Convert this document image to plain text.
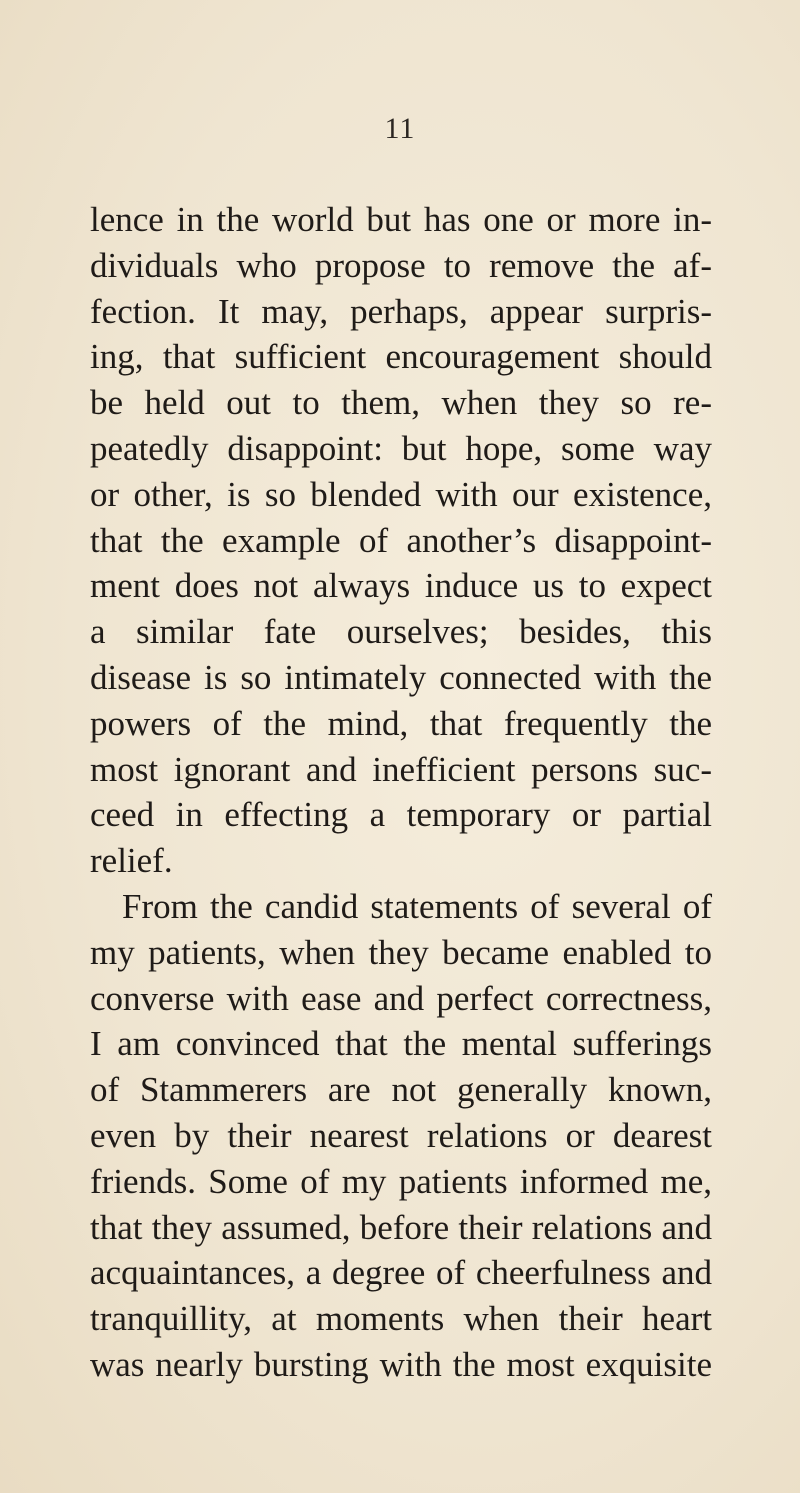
11
lence in the world but has one or more in-
dividuals who propose to remove the af-
fection. It may, perhaps, appear surpris-
ing, that sufficient encouragement should
be held out to them, when they so re-
peatedly disappoint: but hope, some way
or other, is so blended with our existence,
that the example of another’s disappoint-
ment does not always induce us to expect
a similar fate ourselves; besides, this
disease is so intimately connected with the
powers of the mind, that frequently the
most ignorant and inefficient persons suc-
ceed in effecting a temporary or partial
relief.
From the candid statements of several of
my patients, when they became enabled to
converse with ease and perfect correctness,
I am convinced that the mental sufferings
of Stammerers are not generally known,
even by their nearest relations or dearest
friends. Some of my patients informed me,
that they assumed, before their relations and
acquaintances, a degree of cheerfulness and
tranquillity, at moments when their heart
was nearly bursting with the most exquisite
